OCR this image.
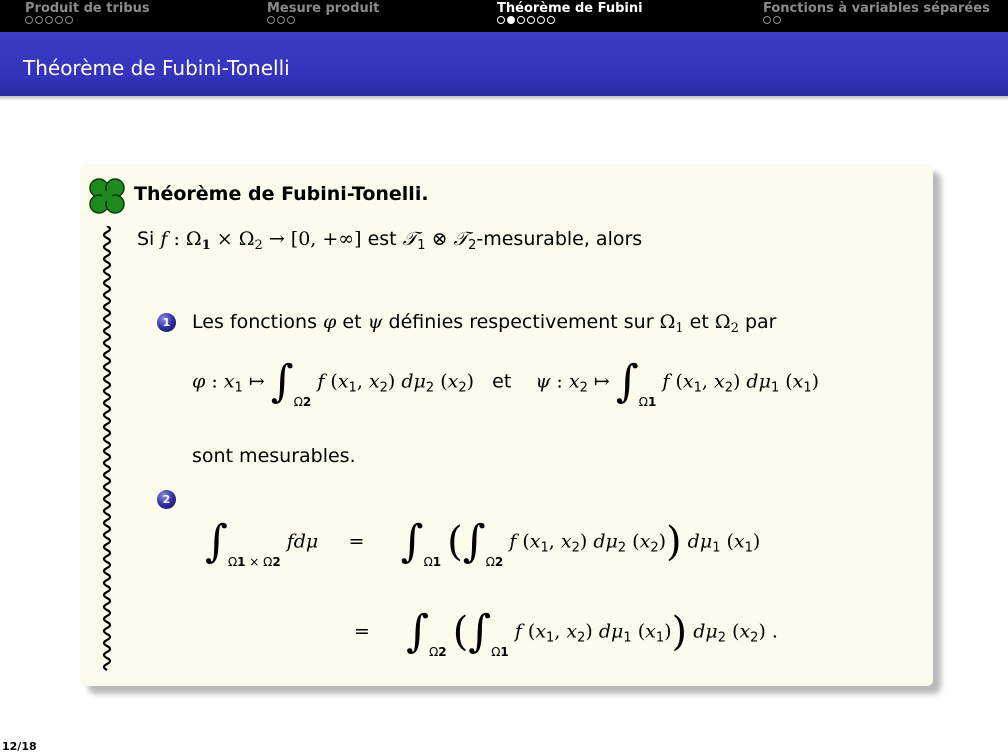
Produit de tribus	Mesure produit	Théorème de Fubini	Fonctions à variables séparées
Théorème de Fubini-Tonelli
Théorème de Fubini-Tonelli.
Si f : $\Omega_1 \times \Omega_2 \to [0$, +∞] est 𝒯$_1$ ⊗ 𝒯$_2$-mesurable, alors
1 Les fonctions φ et ψ définies respectivement sur $\Omega_1$ et $\Omega_2$ par
φ : $x_1$ ↦ $\int_{\Omega 2}$ f ($x_1$, $x_2$) $d\mu_2$ $(x_2)$ et ψ : $x_2$ ↦ $\int_{\Omega 1}$ f ($x_1$, $x_2$) $d\mu_1$ $(x_1)$
sont mesurables.
2
$\int_{\Omega 1 \times \Omega 2}$ $fd\mu = \int_{\Omega 1}$ ($\int_{\Omega 2}$ f ($x_1$, $x_2$) $d\mu_2$ $(x_2)$) $d\mu_1$ $(x_1)$
= $\int_{\Omega 2}$ ($\int_{\Omega 1}$ f ($x_1$, $x_2$) $d\mu_1$ $(x_1)$) $d\mu_2$ $(x_2)$ .
12/18
